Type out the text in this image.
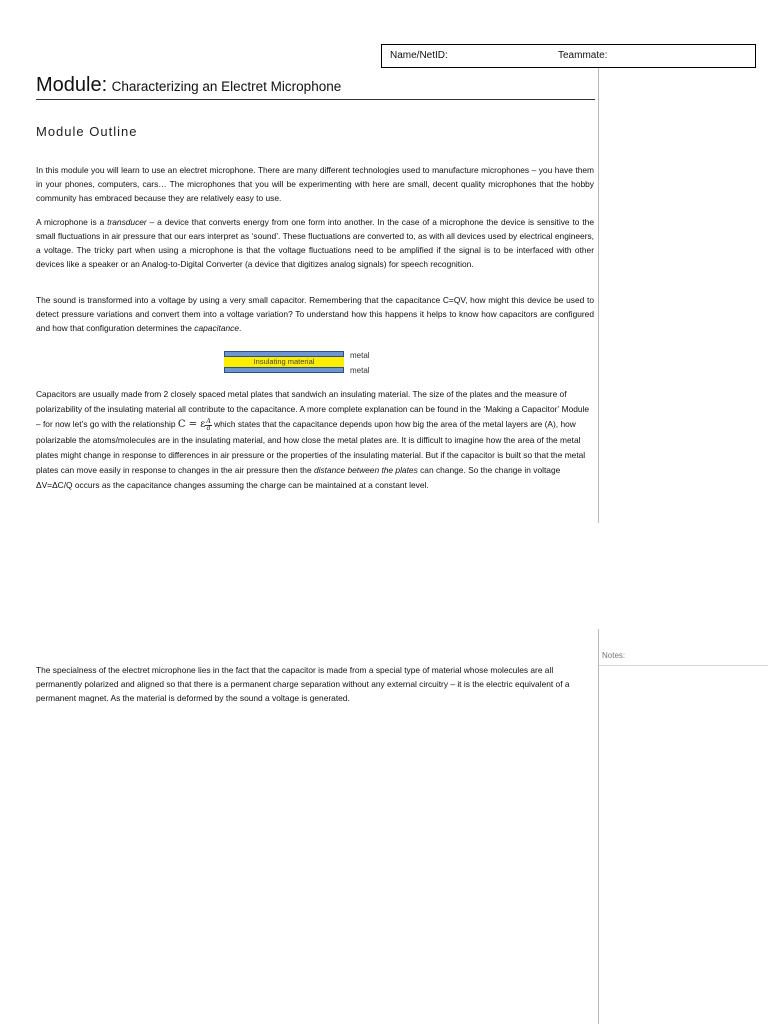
Name/NetID:	Teammate:
Module: Characterizing an Electret Microphone
Module Outline

In this module you will learn to use an electret microphone. There are many different technologies used to manufacture microphones – you have them in your phones, computers, cars… The microphones that you will be experimenting with here are small, decent quality microphones that the hobby community has embraced because they are relatively easy to use.

A microphone is a transducer – a device that converts energy from one form into another. In the case of a microphone the device is sensitive to the small fluctuations in air pressure that our ears interpret as ‘sound’. These fluctuations are converted to, as with all devices used by electrical engineers, a voltage. The tricky part when using a microphone is that the voltage fluctuations need to be amplified if the signal is to be interfaced with other devices like a speaker or an Analog-to-Digital Converter (a device that digitizes analog signals) for speech recognition.

The sound is transformed into a voltage by using a very small capacitor. Remembering that the capacitance C=QV, how might this device be used to detect pressure variations and convert them into a voltage variation? To understand how this happens it helps to know how capacitors are configured and how that configuration determines the capacitance.

Insulating material
metal
metal

Capacitors are usually made from 2 closely spaced metal plates that sandwich an insulating material. The size of the plates and the measure of polarizability of the insulating material all contribute to the capacitance. A more complete explanation can be found in the ‘Making a Capacitor’ Module – for now let’s go with the relationship C = ε $\frac{A}{d}$ which states that the capacitance depends upon how big the area of the metal layers are (A), how polarizable the atoms/molecules are in the insulating material, and how close the metal plates are. It is difficult to imagine how the area of the metal plates might change in response to differences in air pressure or the properties of the insulating material. But if the capacitor is built so that the metal plates can move easily in response to changes in the air pressure then the distance between the plates can change. So the change in voltage ΔV=ΔC/Q occurs as the capacitance changes assuming the charge can be maintained at a constant level.

Notes:

The specialness of the electret microphone lies in the fact that the capacitor is made from a special type of material whose molecules are all permanently polarized and aligned so that there is a permanent charge separation without any external circuitry – it is the electric equivalent of a permanent magnet. As the material is deformed by the sound a voltage is generated.
